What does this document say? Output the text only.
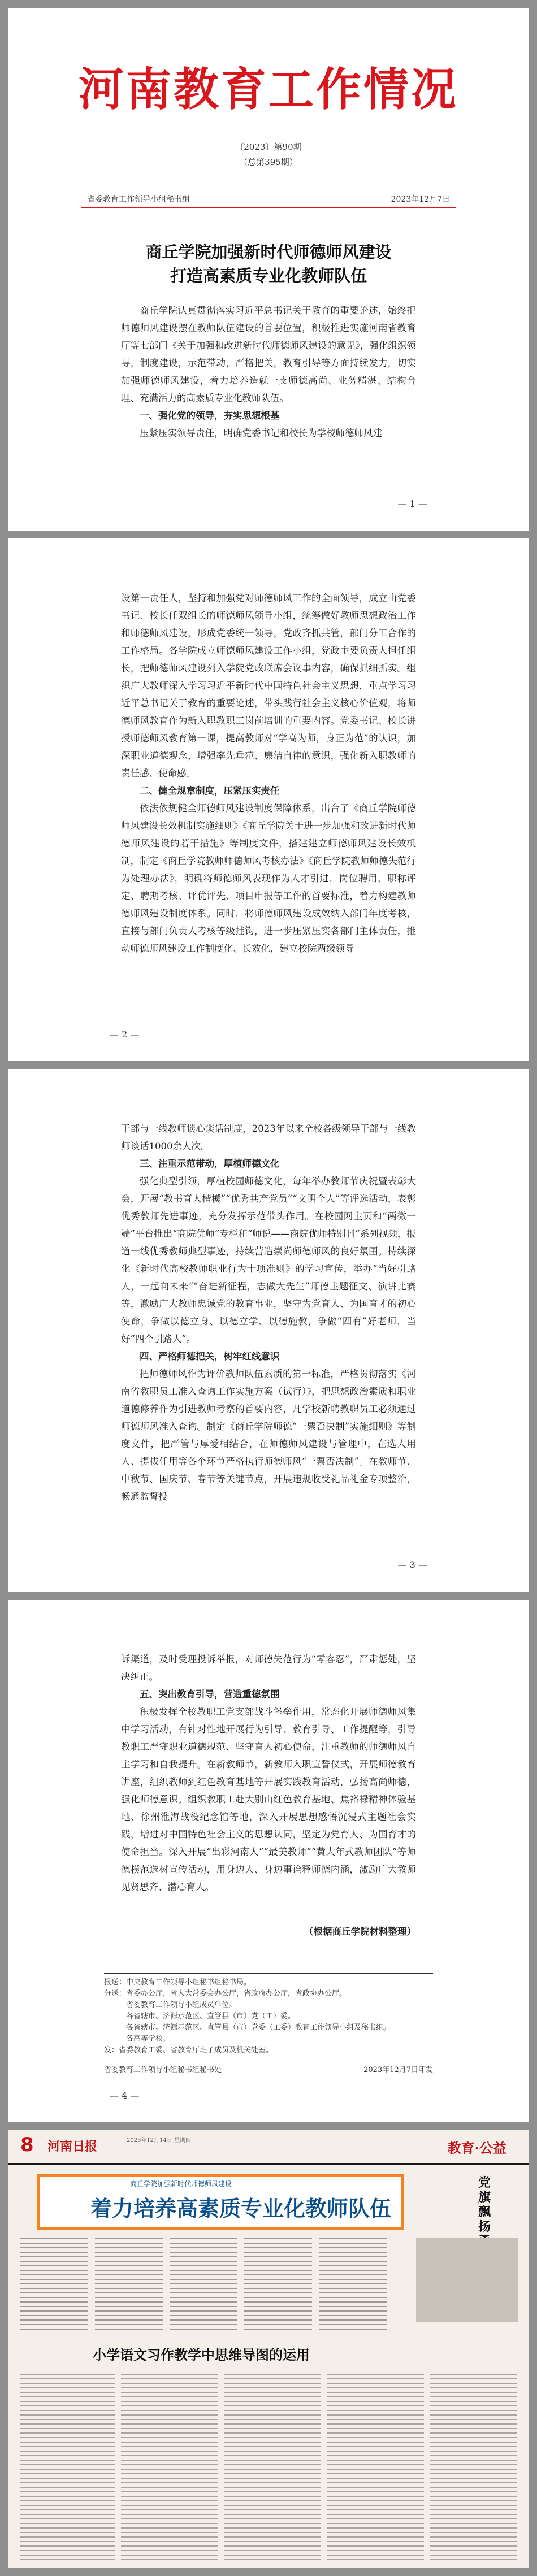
河南教育工作情况
〔2023〕第90期
（总第395期）
省委教育工作领导小组秘书组	2023年12月7日
商丘学院加强新时代师德师风建设
打造高素质专业化教师队伍

商丘学院认真贯彻落实习近平总书记关于教育的重要论述，始终把师德师风建设摆在教师队伍建设的首要位置，积极推进实施河南省教育厅等七部门《关于加强和改进新时代师德师风建设的意见》，强化组织领导，制度建设，示范带动，严格把关，教育引导等方面持续发力，切实加强师德师风建设，着力培养造就一支师德高尚、业务精湛、结构合理、充满活力的高素质专业化教师队伍。

一、强化党的领导，夯实思想根基

压紧压实领导责任，明确党委书记和校长为学校师德师风建

— 1 —

设第一责任人，坚持和加强党对师德师风工作的全面领导，成立由党委书记、校长任双组长的师德师风领导小组，统筹做好教师思想政治工作和师德师风建设，形成党委统一领导，党政齐抓共管，部门分工合作的工作格局。各学院成立师德师风建设工作小组，党政主要负责人担任组长，把师德师风建设列入学院党政联席会议事内容，确保抓细抓实。组织广大教师深入学习习近平新时代中国特色社会主义思想，重点学习习近平总书记关于教育的重要论述，带头践行社会主义核心价值观，将师德师风教育作为新入职教职工岗前培训的重要内容。党委书记、校长讲授师德师风教育第一课，提高教师对“学高为师，身正为范”的认识，加深职业道德观念，增强率先垂范、廉洁自律的意识，强化新入职教师的责任感、使命感。

二、健全规章制度，压紧压实责任

依法依规健全师德师风建设制度保障体系，出台了《商丘学院师德师风建设长效机制实施细则》《商丘学院关于进一步加强和改进新时代师德师风建设的若干措施》等制度文件，搭建建立师德师风建设长效机制，制定《商丘学院教师师德师风考核办法》《商丘学院教师师德失范行为处理办法》，明确将师德师风表现作为人才引进，岗位聘用、职称评定、聘期考核、评优评先、项目申报等工作的首要标准，着力构建教师德师风建设制度体系。同时，将师德师风建设成效纳入部门年度考核，直接与部门负责人考核等级挂钩，进一步压紧压实各部门主体责任，推动师德师风建设工作制度化、长效化，建立校院两级领导

— 2 —

干部与一线教师谈心谈话制度，2023年以来全校各级领导干部与一线教师谈话1000余人次。

三、注重示范带动，厚植师德文化

强化典型引领，厚植校园师德文化，每年举办教师节庆祝暨表彰大会，开展“教书育人楷模”“优秀共产党员”“文明个人”等评选活动，表彰优秀教师先进事迹，充分发挥示范带头作用。在校园网主页和“两微一端”平台推出“商院优师”专栏和“师说——商院优师特别刊”系列视频，报道一线优秀教师典型事迹，持续营造崇尚师德师风的良好氛围。持续深化《新时代高校教师职业行为十项准则》的学习宣传，举办“当好引路人，一起向未来”“奋进新征程，志做大先生”师德主题征文、演讲比赛等，激励广大教师忠诚党的教育事业，坚守为党育人、为国育才的初心使命，争做以德立身、以德立学、以德施教，争做“四有”好老师，当好“四个引路人”。

四、严格师德把关，树牢红线意识

把师德师风作为评价教师队伍素质的第一标准，严格贯彻落实《河南省教职员工准入查询工作实施方案（试行）》，把思想政治素质和职业道德修养作为引进教师考察的首要内容，凡学校新聘教职员工必须通过师德师风准入查询。制定《商丘学院师德“一票否决制”实施细则》等制度文件，把严管与厚爱相结合，在师德师风建设与管理中，在选人用人、提拔任用等各个环节严格执行师德师风“一票否决制”。在教师节、中秋节、国庆节、春节等关键节点，开展违规收受礼品礼金专项整治，畅通监督投

— 3 —

诉渠道，及时受理投诉举报，对师德失范行为“零容忍”，严肃惩处，坚决纠正。

五、突出教育引导，营造重德氛围

积极发挥全校教职工党支部战斗堡垒作用，常态化开展师德师风集中学习活动，有针对性地开展行为引导、教育引导、工作提醒等，引导教职工严守职业道德规范、坚守育人初心使命，注重教师的师德师风自主学习和自我提升。在新教师节，新教师入职宣誓仪式，开展师德教育讲座，组织教师到红色教育基地等开展实践教育活动，弘扬高尚师德，强化师德意识。组织教职工赴大别山红色教育基地、焦裕禄精神体验基地、徐州淮海战役纪念馆等地，深入开展思想感悟沉浸式主题社会实践，增进对中国特色社会主义的思想认同，坚定为党育人、为国育才的使命担当。深入开展“出彩河南人”“最美教师”“黄大年式教师团队”等师德模范选树宣传活动，用身边人、身边事诠释师德内涵，激励广大教师见贤思齐、潜心育人。

（根据商丘学院材料整理）
报送：中央教育工作领导小组秘书组秘书局。
分送：省委办公厅，省人大常委会办公厅，省政府办公厅，省政协办公厅。
省委教育工作领导小组成员单位。
各省辖市、济源示范区、直管县（市）党（工）委。
各省辖市、济源示范区、直管县（市）党委（工委）教育工作领导小组及秘书组。
各高等学校。
发：省委教育工委、省教育厅班子成员及机关处室。
省委教育工作领导小组秘书组秘书处	2023年12月7日印发
— 4 —
8 河南日报	2023年12月14日 星期四	教育·公益
商丘学院加强新时代师德师风建设
着力培养高素质专业化教师队伍
党旗飘扬
小学语文习作教学中思维导图的运用
